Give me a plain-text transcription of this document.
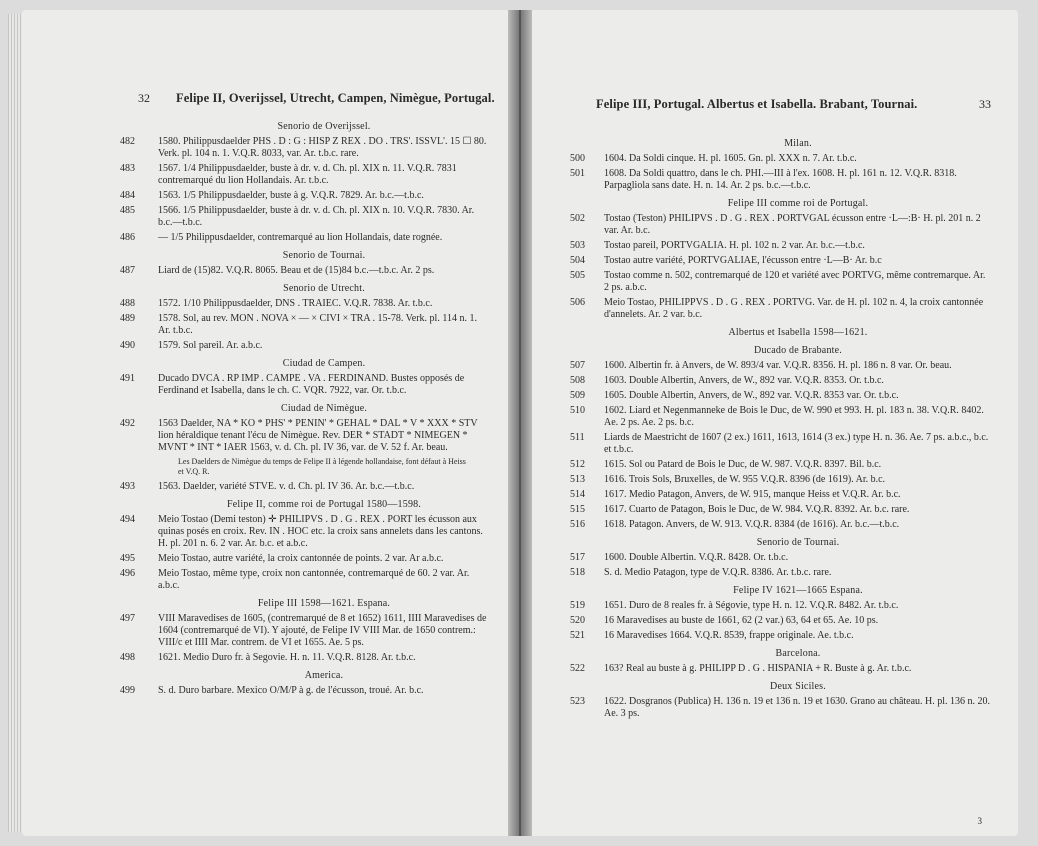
32 Felipe II, Overijssel, Utrecht, Campen, Nimègue, Portugal.
Senorio de Overijssel.
482	1580. Philippusdaelder PHS . D : G : HISP Z REX . DO . TRS'. ISSVL'. 15 ☐ 80. Verk. pl. 104 n. 1. V.Q.R. 8033, var. Ar. t.b.c. rare.
483	1567. 1/4 Philippusdaelder, buste à dr. v. d. Ch. pl. XIX n. 11. V.Q.R. 7831 contremarqué du lion Hollandais. Ar. t.b.c.
484	1563. 1/5 Philippusdaelder, buste à g. V.Q.R. 7829. Ar. b.c.—t.b.c.
485	1566. 1/5 Philippusdaelder, buste à dr. v. d. Ch. pl. XIX n. 10. V.Q.R. 7830. Ar. b.c.—t.b.c.
486	— 1/5 Philippusdaelder, contremarqué au lion Hollandais, date rognée.
Senorio de Tournai.
487	Liard de (15)82. V.Q.R. 8065. Beau et de (15)84 b.c.—t.b.c. Ar. 2 ps.
Senorio de Utrecht.
488	1572. 1/10 Philippusdaelder, DNS . TRAIEC. V.Q.R. 7838. Ar. t.b.c.
489	1578. Sol, au rev. MON . NOVA × — × CIVI × TRA . 15-78. Verk. pl. 114 n. 1. Ar. t.b.c.
490	1579. Sol pareil. Ar. a.b.c.
Ciudad de Campen.
491	Ducado DVCA . RP IMP . CAMPE . VA . FERDINAND. Bustes opposés de Ferdinand et Isabella, dans le ch. C. VQR. 7922, var. Or. t.b.c.
Ciudad de Nimègue.
492	1563 Daelder, NA * KO * PHS' * PENIN' * GEHAL * DAL * V * XXX * STV lion héraldique tenant l'écu de Nimègue. Rev. DER * STADT * NIMEGEN * MVNT * INT * IAER 1563, v. d. Ch. pl. IV 36, var. de V. 52 f. Ar. beau.
Les Daelders de Nimègue du temps de Felipe II à légende hollandaise, font défaut à Heiss et V.Q. R.
493	1563. Daelder, variété STVE. v. d. Ch. pl. IV 36. Ar. b.c.—t.b.c.
Felipe II, comme roi de Portugal 1580—1598.
494	Meio Tostao (Demi teston) ✛ PHILIPVS . D . G . REX . PORT les écusson aux quinas posés en croix. Rev. IN . HOC etc. la croix sans annelets dans les cantons. H. pl. 201 n. 6. 2 var. Ar. b.c. et a.b.c.
495	Meio Tostao, autre variété, la croix cantonnée de points. 2 var. Ar a.b.c.
496	Meio Tostao, même type, croix non cantonnée, contremarqué de 60. 2 var. Ar. a.b.c.
Felipe III 1598—1621. Espana.
497	VIII Maravedises de 1605, (contremarqué de 8 et 1652) 1611, IIII Maravedises de 1604 (contremarqué de VI). Y ajouté, de Felipe IV VIII Mar. de 1650 contrem.: VIII/c et IIII Mar. contrem. de VI et 1655. Ae. 5 ps.
498	1621. Medio Duro fr. à Segovie. H. n. 11. V.Q.R. 8128. Ar. t.b.c.
America.
499	S. d. Duro barbare. Mexico O/M/P à g. de l'écusson, troué. Ar. b.c.
Felipe III, Portugal. Albertus et Isabella. Brabant, Tournai.	33
Milan.
500	1604. Da Soldi cinque. H. pl. 1605. Gn. pl. XXX n. 7. Ar. t.b.c.
501	1608. Da Soldi quattro, dans le ch. PHI.—III à l'ex. 1608. H. pl. 161 n. 12. V.Q.R. 8318. Parpagliola sans date. H. n. 14. Ar. 2 ps. b.c.—t.b.c.
Felipe III comme roi de Portugal.
502	Tostao (Teston) PHILIPVS . D . G . REX . PORTVGAL écusson entre ·L—:B· H. pl. 201 n. 2 var. Ar. b.c.
503	Tostao pareil, PORTVGALIA. H. pl. 102 n. 2 var. Ar. b.c.—t.b.c.
504	Tostao autre variété, PORTVGALIAE, l'écusson entre ·L—B· Ar. b.c
505	Tostao comme n. 502, contremarqué de 120 et variété avec PORTVG, même contremarque. Ar. 2 ps. a.b.c.
506	Meio Tostao, PHILIPPVS . D . G . REX . PORTVG. Var. de H. pl. 102 n. 4, la croix cantonnée d'annelets. Ar. 2 var. b.c.
Albertus et Isabella 1598—1621.
Ducado de Brabante.
507	1600. Albertin fr. à Anvers, de W. 893/4 var. V.Q.R. 8356. H. pl. 186 n. 8 var. Or. beau.
508	1603. Double Albertin, Anvers, de W., 892 var. V.Q.R. 8353. Or. t.b.c.
509	1605. Double Albertin, Anvers, de W., 892 var. V.Q.R. 8353 var. Or. t.b.c.
510	1602. Liard et Negenmanneke de Bois le Duc, de W. 990 et 993. H. pl. 183 n. 38. V.Q.R. 8402. Ae. 2 ps. Ae. 2 ps. b.c.
511	Liards de Maestricht de 1607 (2 ex.) 1611, 1613, 1614 (3 ex.) type H. n. 36. Ae. 7 ps. a.b.c., b.c. et t.b.c.
512	1615. Sol ou Patard de Bois le Duc, de W. 987. V.Q.R. 8397. Bil. b.c.
513	1616. Trois Sols, Bruxelles, de W. 955 V.Q.R. 8396 (de 1619). Ar. b.c.
514	1617. Medio Patagon, Anvers, de W. 915, manque Heiss et V.Q.R. Ar. b.c.
515	1617. Cuarto de Patagon, Bois le Duc, de W. 984. V.Q.R. 8392. Ar. b.c. rare.
516	1618. Patagon. Anvers, de W. 913. V.Q.R. 8384 (de 1616). Ar. b.c.—t.b.c.
Senorio de Tournai.
517	1600. Double Albertin. V.Q.R. 8428. Or. t.b.c.
518	S. d. Medio Patagon, type de V.Q.R. 8386. Ar. t.b.c. rare.
Felipe IV 1621—1665 Espana.
519	1651. Duro de 8 reales fr. à Ségovie, type H. n. 12. V.Q.R. 8482. Ar. t.b.c.
520	16 Maravedises au buste de 1661, 62 (2 var.) 63, 64 et 65. Ae. 10 ps.
521	16 Maravedises 1664. V.Q.R. 8539, frappe originale. Ae. t.b.c.
Barcelona.
522	163? Real au buste à g. PHILIPP D . G . HISPANIA + R. Buste à g. Ar. t.b.c.
Deux Siciles.
523	1622. Dosgranos (Publica) H. 136 n. 19 et 136 n. 19 et 1630. Grano au château. H. pl. 136 n. 20. Ae. 3 ps.
3
